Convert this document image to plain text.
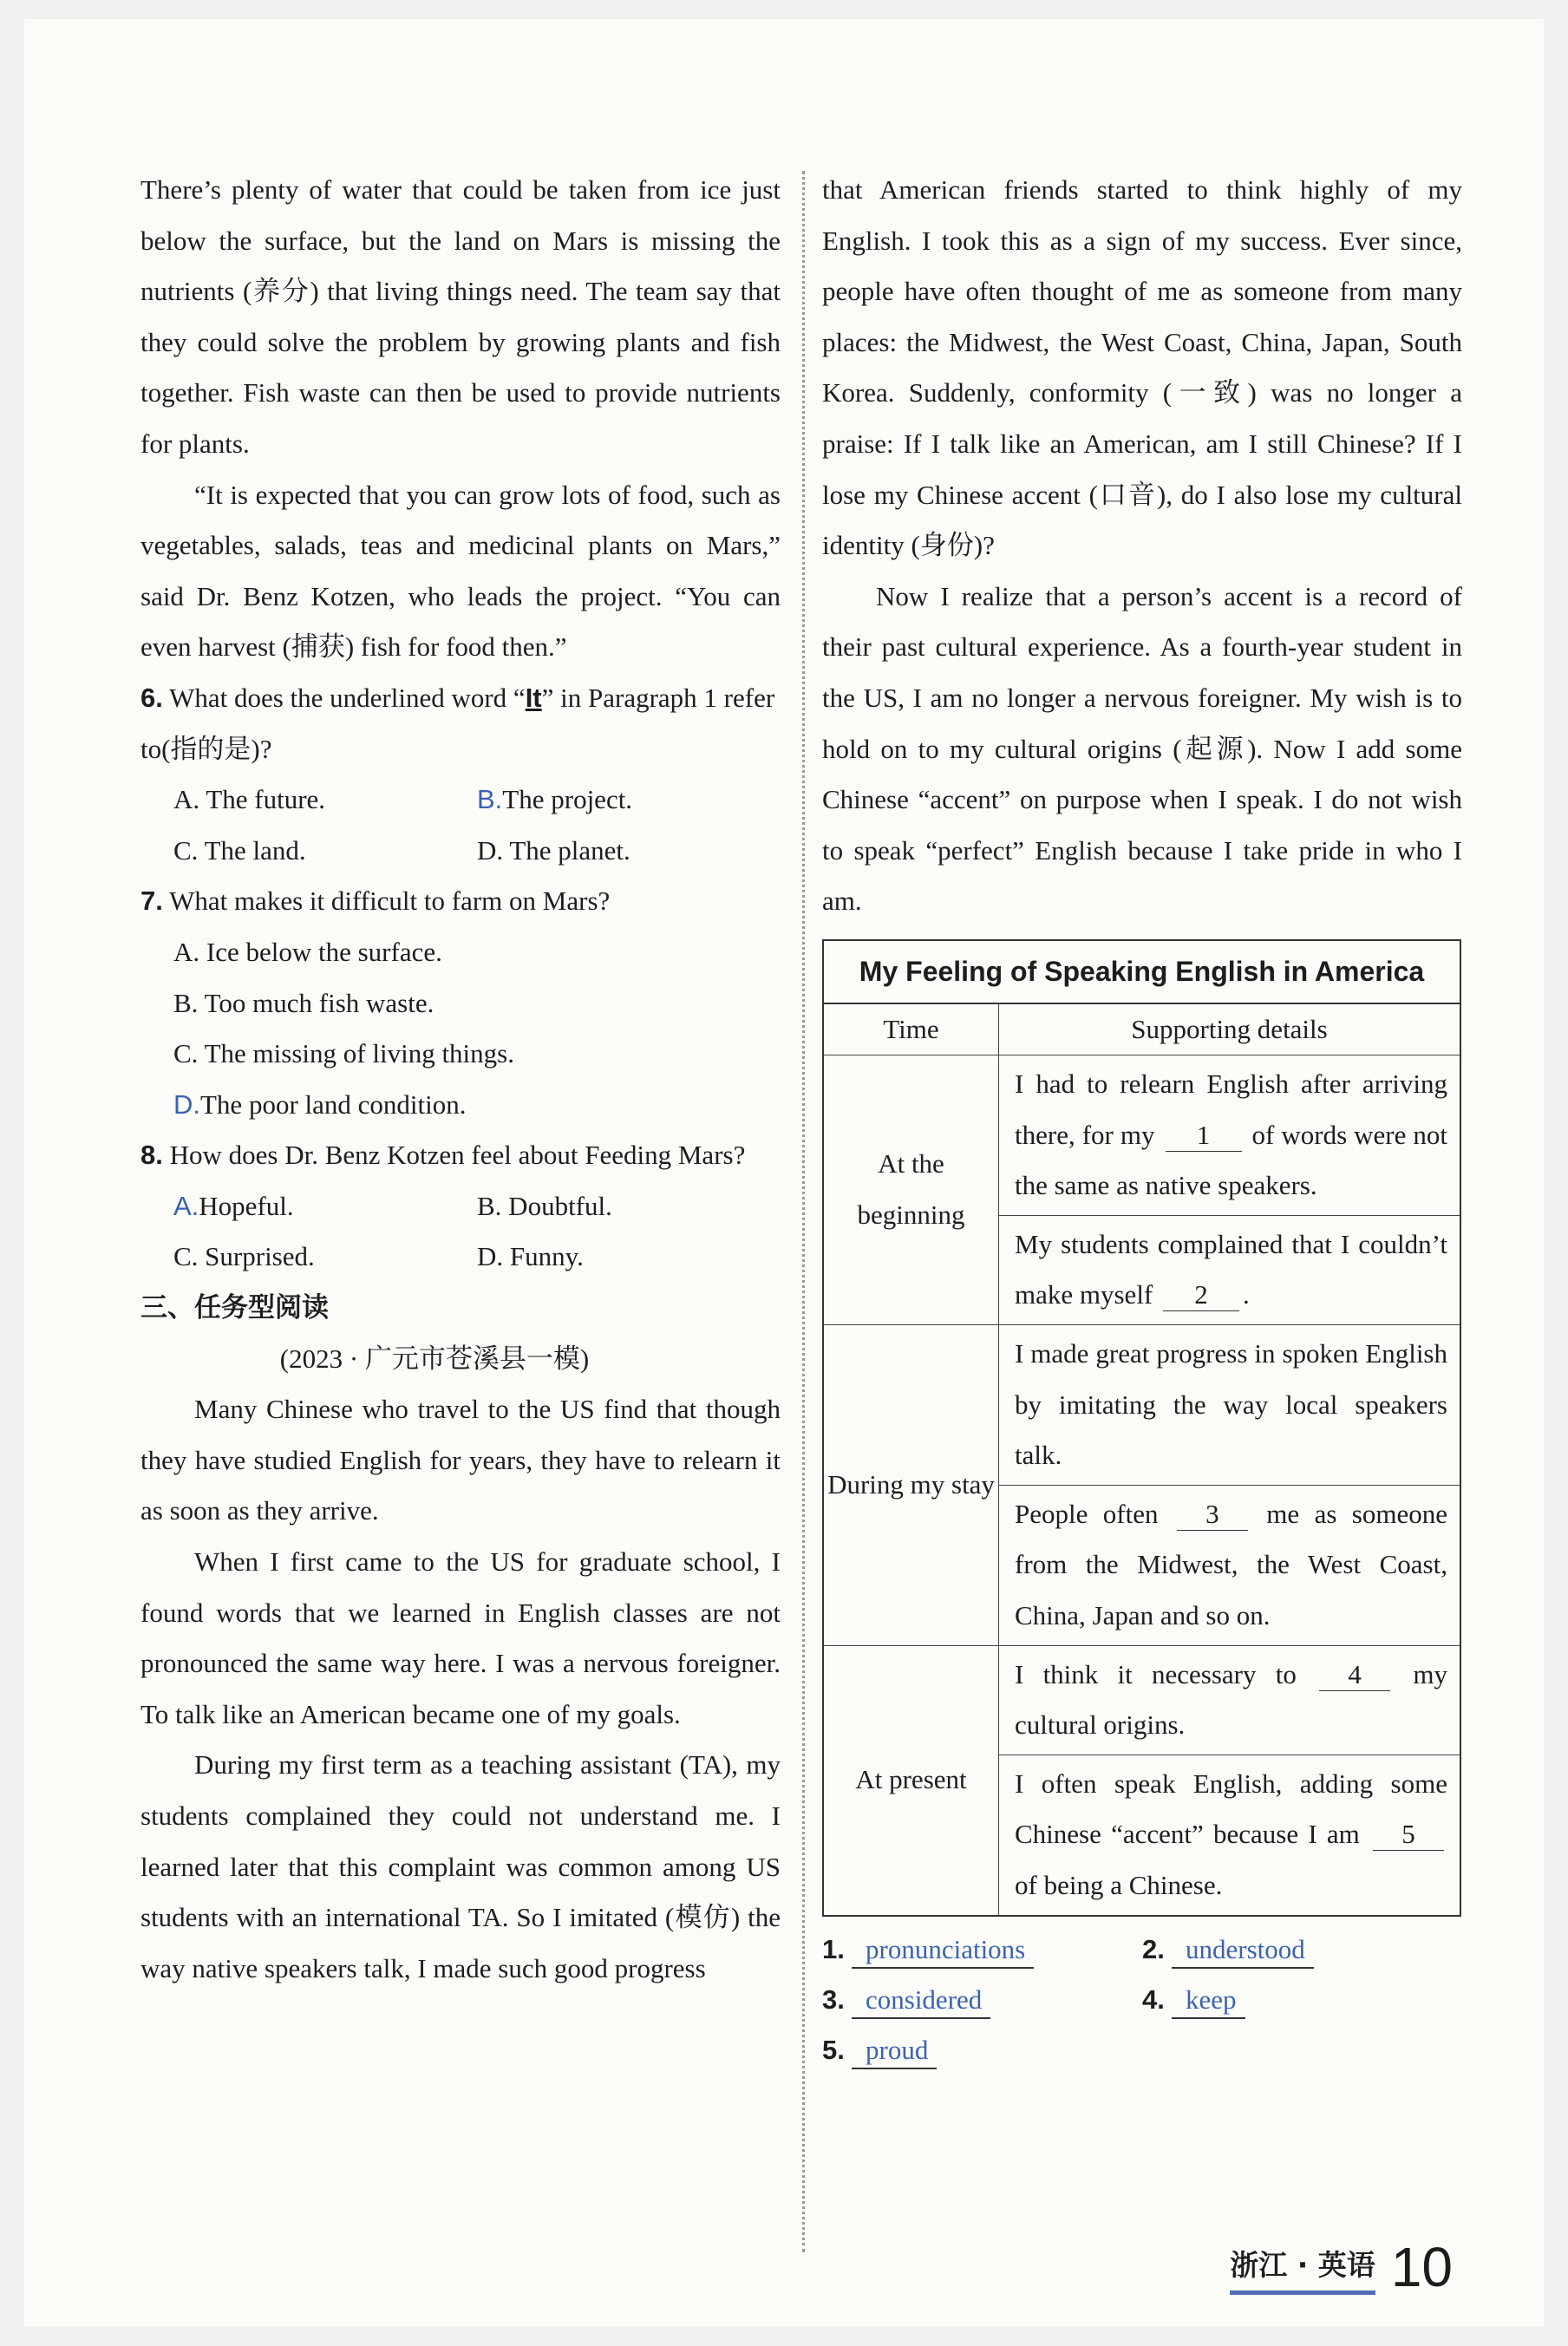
There’s plenty of water that could be taken from ice just below the surface, but the land on Mars is missing the nutrients (养分) that living things need. The team say that they could solve the problem by growing plants and fish together. Fish waste can then be used to provide nutrients for plants.

“It is expected that you can grow lots of food, such as vegetables, salads, teas and medicinal plants on Mars,” said Dr. Benz Kotzen, who leads the project. “You can even harvest (捕获) fish for food then.”

6. What does the underlined word “It” in Paragraph 1 refer to(指的是)?
A. The future.	B.The project.
C. The land.	D. The planet.
7. What makes it difficult to farm on Mars?
A. Ice below the surface.
B. Too much fish waste.
C. The missing of living things.
D.The poor land condition.
8. How does Dr. Benz Kotzen feel about Feeding Mars?
A.Hopeful.	B. Doubtful.
C. Surprised.	D. Funny.
三、任务型阅读
(2023 · 广元市苍溪县一模)

Many Chinese who travel to the US find that though they have studied English for years, they have to relearn it as soon as they arrive.

When I first came to the US for graduate school, I found words that we learned in English classes are not pronounced the same way here. I was a nervous foreigner. To talk like an American became one of my goals.

During my first term as a teaching assistant (TA), my students complained they could not understand me. I learned later that this complaint was common among US students with an international TA. So I imitated (模仿) the way native speakers talk, I made such good progress

that American friends started to think highly of my English. I took this as a sign of my success. Ever since, people have often thought of me as someone from many places: the Midwest, the West Coast, China, Japan, South Korea. Suddenly, conformity (一致) was no longer a praise: If I talk like an American, am I still Chinese? If I lose my Chinese accent (口音), do I also lose my cultural identity (身份)?

Now I realize that a person’s accent is a record of their past cultural experience. As a fourth-year student in the US, I am no longer a nervous foreigner. My wish is to hold on to my cultural origins (起源). Now I add some Chinese “accent” on purpose when I speak. I do not wish to speak “perfect” English because I take pride in who I am.

My Feeling of Speaking English in America	
Time	Supporting details
At the beginning	I had to relearn English after arriving there, for my 1 of words were not the same as native speakers.
	My students complained that I couldn’t make myself 2 .
During my stay	I made great progress in spoken English by imitating the way local speakers talk.
	People often 3 me as someone from the Midwest, the West Coast, China, Japan and so on.
At present	I think it necessary to 4 my cultural origins.
	I often speak English, adding some Chinese “accent” because I am 5 of being a Chinese.
1. pronunciations	2. understood
3. considered	4. keep
5. proud
浙江 · 英语 10
